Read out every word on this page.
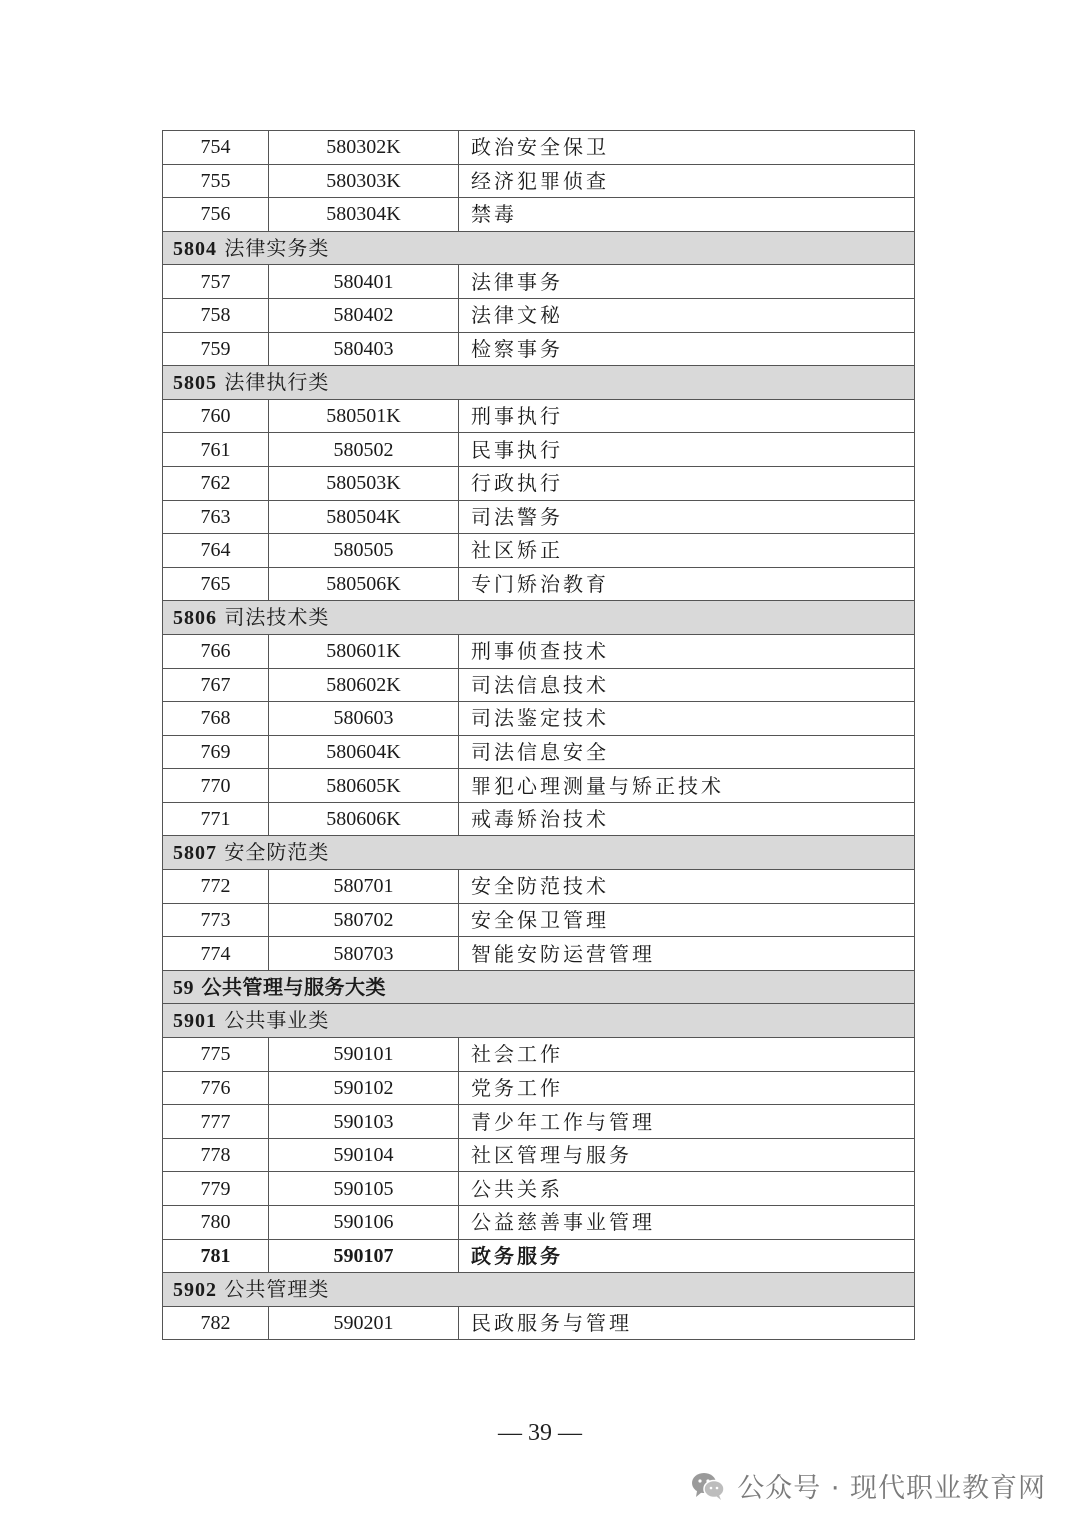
754	580302K	政治安全保卫
755	580303K	经济犯罪侦查
756	580304K	禁毒
5804 法律实务类		
757	580401	法律事务
758	580402	法律文秘
759	580403	检察事务
5805 法律执行类		
760	580501K	刑事执行
761	580502	民事执行
762	580503K	行政执行
763	580504K	司法警务
764	580505	社区矫正
765	580506K	专门矫治教育
5806 司法技术类		
766	580601K	刑事侦查技术
767	580602K	司法信息技术
768	580603	司法鉴定技术
769	580604K	司法信息安全
770	580605K	罪犯心理测量与矫正技术
771	580606K	戒毒矫治技术
5807 安全防范类		
772	580701	安全防范技术
773	580702	安全保卫管理
774	580703	智能安防运营管理
59 公共管理与服务大类		
5901 公共事业类		
775	590101	社会工作
776	590102	党务工作
777	590103	青少年工作与管理
778	590104	社区管理与服务
779	590105	公共关系
780	590106	公益慈善事业管理
781	590107	政务服务
5902 公共管理类		
782	590201	民政服务与管理
— 39 —
公众号 · 现代职业教育网
